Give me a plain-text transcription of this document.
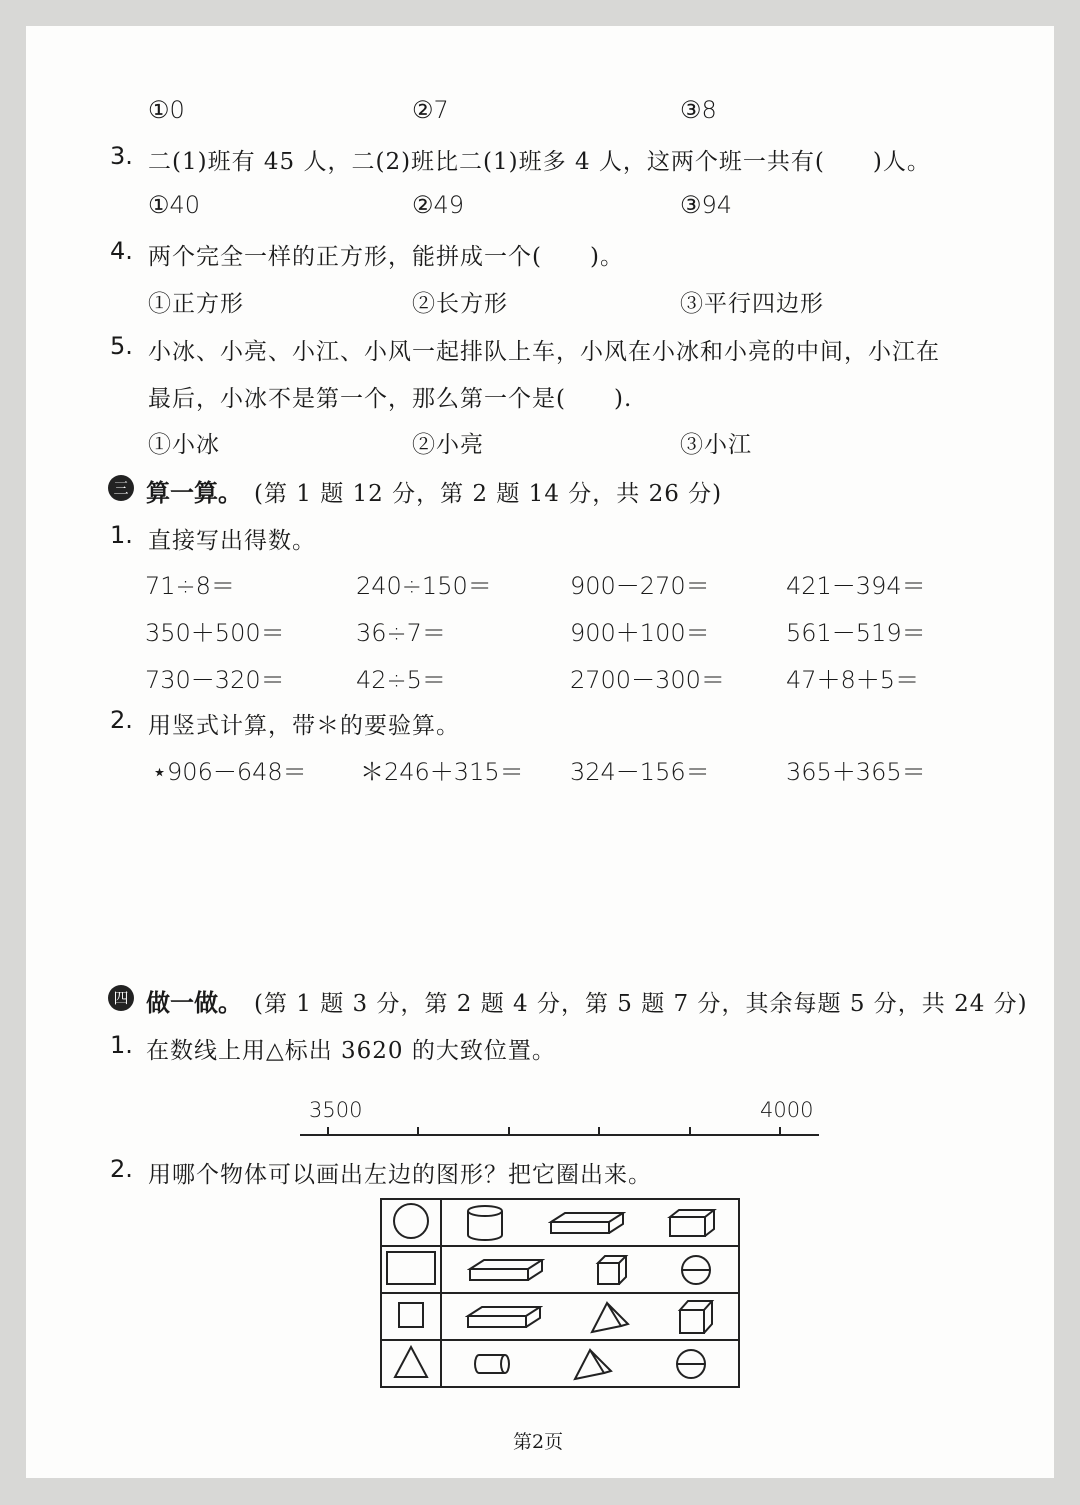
①0	②7	③8
3. 二(1)班有 45 人，二(2)班比二(1)班多 4 人，这两个班一共有(　　)人。
①40	②49	③94
4. 两个完全一样的正方形，能拼成一个(　　)。
①正方形	②长方形	③平行四边形
5. 小冰、小亮、小江、小风一起排队上车，小风在小冰和小亮的中间，小江在
最后，小冰不是第一个，那么第一个是(　　).
①小冰	②小亮	③小江
三 算一算。 (第 1 题 12 分，第 2 题 14 分，共 26 分)
1. 直接写出得数。
71÷8＝	240÷150＝	900－270＝	421－394＝
350＋500＝	36÷7＝	900＋100＝	561－519＝
730－320＝	42÷5＝	2700－300＝	47＋8＋5＝
2. 用竖式计算，带＊的要验算。
⋆906－648＝ ＊246＋315＝ 324－156＝	365＋365＝
四 做一做。 (第 1 题 3 分，第 2 题 4 分，第 5 题 7 分，其余每题 5 分，共 24 分)
1. 在数线上用△标出 3620 的大致位置。
3500	4000
2. 用哪个物体可以画出左边的图形？把它圈出来。

第2页
